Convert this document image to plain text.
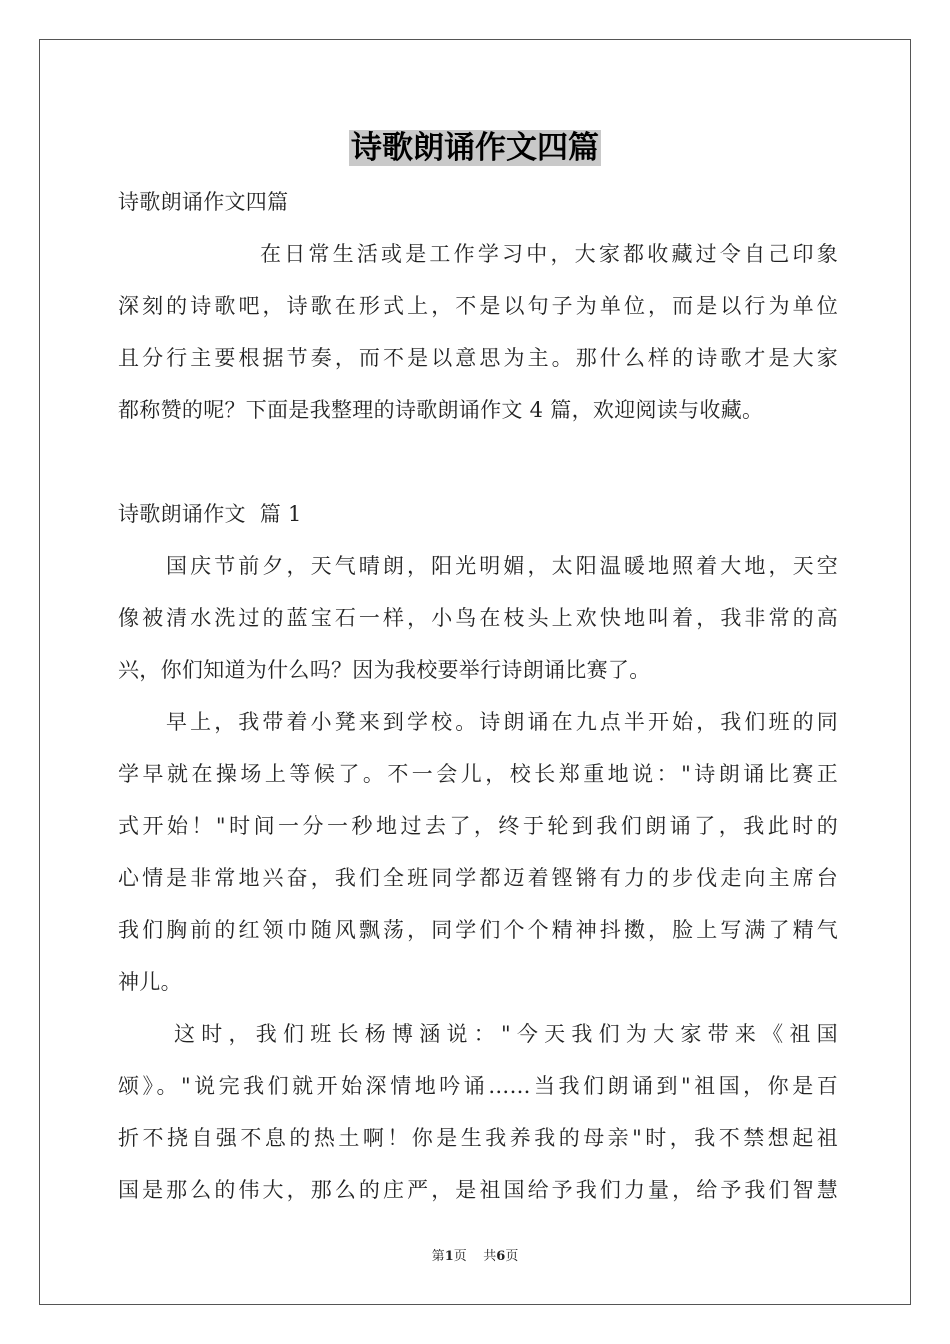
诗歌朗诵作文四篇
诗歌朗诵作文四篇
在日常生活或是工作学习中，大家都收藏过令自己印象
深刻的诗歌吧，诗歌在形式上，不是以句子为单位，而是以行为单位
且分行主要根据节奏，而不是以意思为主。那什么样的诗歌才是大家
都称赞的呢？下面是我整理的诗歌朗诵作文 4 篇，欢迎阅读与收藏。
诗歌朗诵作文  篇 1
国庆节前夕，天气晴朗，阳光明媚，太阳温暖地照着大地，天空
像被清水洗过的蓝宝石一样，小鸟在枝头上欢快地叫着，我非常的高
兴，你们知道为什么吗？因为我校要举行诗朗诵比赛了。
早上，我带着小凳来到学校。诗朗诵在九点半开始，我们班的同
学早就在操场上等候了。不一会儿，校长郑重地说："诗朗诵比赛正
式开始！"时间一分一秒地过去了，终于轮到我们朗诵了，我此时的
心情是非常地兴奋，我们全班同学都迈着铿锵有力的步伐走向主席台
我们胸前的红领巾随风飘荡，同学们个个精神抖擞，脸上写满了精气
神儿。
这时，我们班长杨博涵说："今天我们为大家带来《祖国
颂》。"说完我们就开始深情地吟诵……当我们朗诵到"祖国，你是百
折不挠自强不息的热土啊！你是生我养我的母亲"时，我不禁想起祖
国是那么的伟大，那么的庄严，是祖国给予我们力量，给予我们智慧
第1页    共6页
